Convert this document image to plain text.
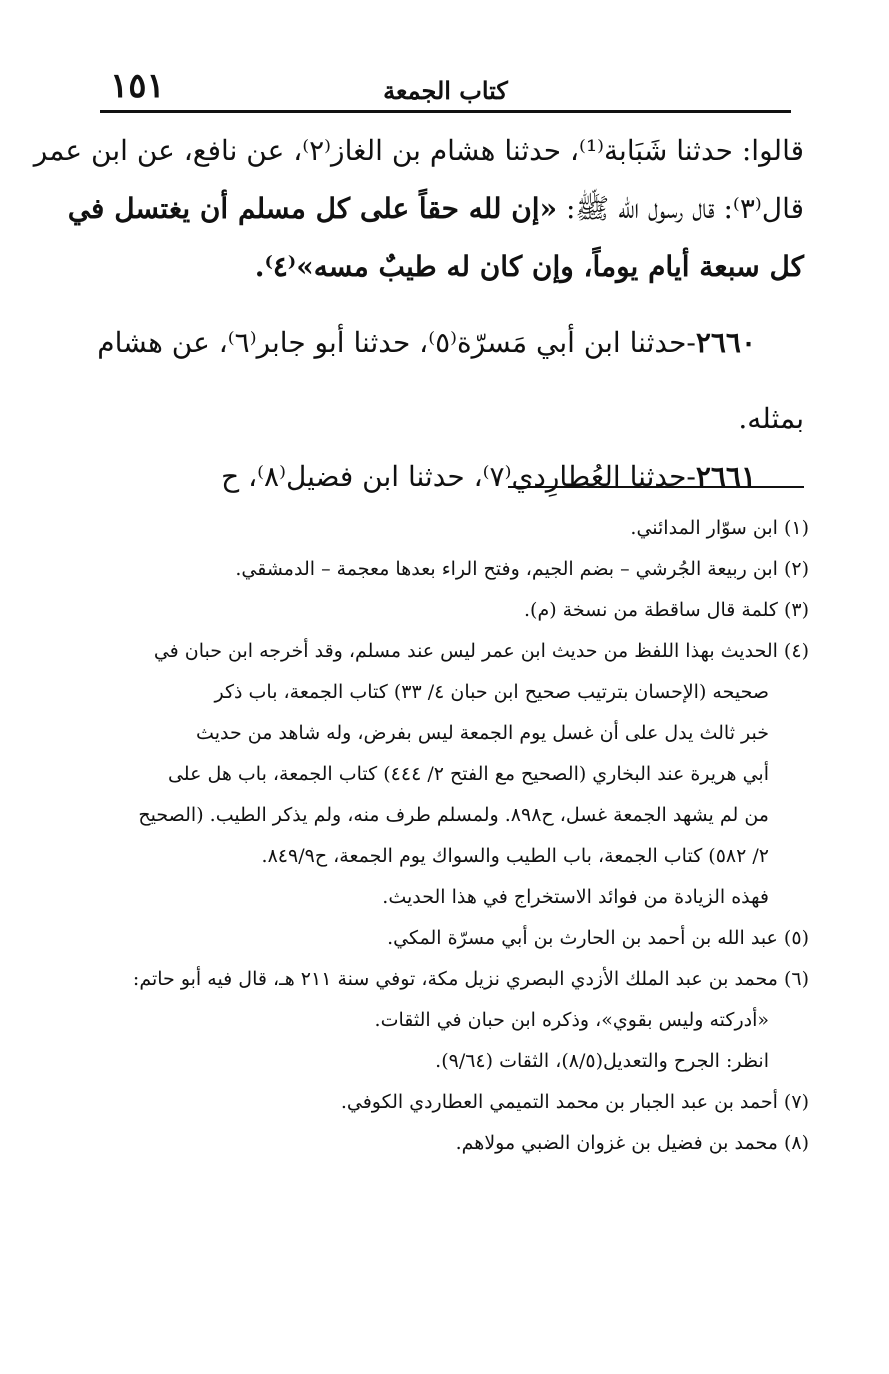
١٥١	كتاب الجمعة
قالوا: حدثنا شَبَابة⁽¹⁾، حدثنا هشام بن الغاز⁽٢⁾، عن نافع، عن ابن عمر
قال⁽٣⁾: قال رسول الله ﷺ: «إن لله حقاً على كل مسلم أن يغتسل في
كل سبعة أيام يوماً، وإن كان له طيبٌ مسه»⁽٤⁾.
٢٦٦٠-حدثنا ابن أبي مَسرّة⁽٥⁾، حدثنا أبو جابر⁽٦⁾، عن هشام
بمثله.
٢٦٦١-حدثنا العُطارِدي⁽٧⁾، حدثنا ابن فضيل⁽٨⁾، ح
(١) ابن سوّار المدائني.
(٢) ابن ربيعة الجُرشي – بضم الجيم، وفتح الراء بعدها معجمة – الدمشقي.
(٣) كلمة قال ساقطة من نسخة (م).
(٤) الحديث بهذا اللفظ من حديث ابن عمر ليس عند مسلم، وقد أخرجه ابن حبان في
صحيحه (الإحسان بترتيب صحيح ابن حبان ٤/ ٣٣) كتاب الجمعة، باب ذكر
خبر ثالث يدل على أن غسل يوم الجمعة ليس بفرض، وله شاهد من حديث
أبي هريرة عند البخاري (الصحيح مع الفتح ٢/ ٤٤٤) كتاب الجمعة، باب هل على
من لم يشهد الجمعة غسل، ح٨٩٨. ولمسلم طرف منه، ولم يذكر الطيب. (الصحيح
٢/ ٥٨٢) كتاب الجمعة، باب الطيب والسواك يوم الجمعة، ح٨٤٩/٩.
فهذه الزيادة من فوائد الاستخراج في هذا الحديث.
(٥) عبد الله بن أحمد بن الحارث بن أبي مسرّة المكي.
(٦) محمد بن عبد الملك الأزدي البصري نزيل مكة، توفي سنة ٢١١ هـ، قال فيه أبو حاتم:
«أدركته وليس بقوي»، وذكره ابن حبان في الثقات.
انظر: الجرح والتعديل(٨/٥)، الثقات (٩/٦٤).
(٧) أحمد بن عبد الجبار بن محمد التميمي العطاردي الكوفي.
(٨) محمد بن فضيل بن غزوان الضبي مولاهم.
